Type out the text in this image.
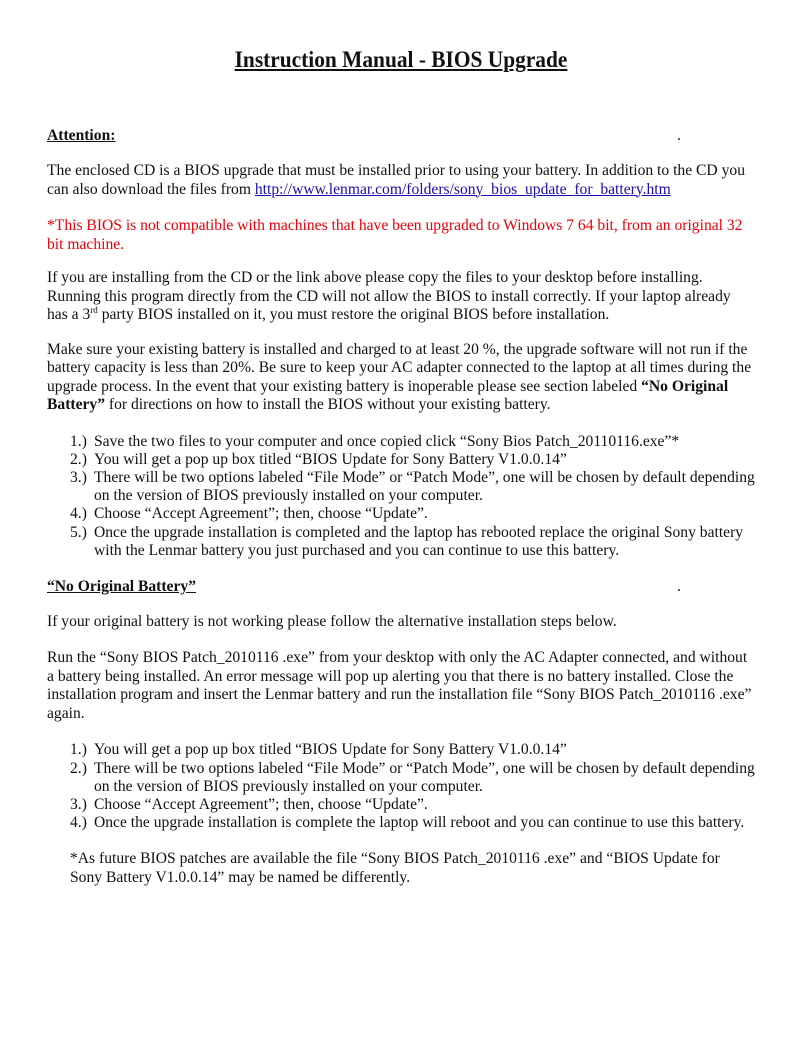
Instruction Manual - BIOS Upgrade
Attention:	.

The enclosed CD is a BIOS upgrade that must be installed prior to using your battery. In addition to the CD you can also download the files from http://www.lenmar.com/folders/sony_bios_update_for_battery.htm

*This BIOS is not compatible with machines that have been upgraded to Windows 7 64 bit, from an original 32 bit machine.

If you are installing from the CD or the link above please copy the files to your desktop before installing. Running this program directly from the CD will not allow the BIOS to install correctly. If your laptop already has a 3rd party BIOS installed on it, you must restore the original BIOS before installation.

Make sure your existing battery is installed and charged to at least 20 %, the upgrade software will not run if the battery capacity is less than 20%. Be sure to keep your AC adapter connected to the laptop at all times during the upgrade process. In the event that your existing battery is inoperable please see section labeled “No Original Battery” for directions on how to install the BIOS without your existing battery.

1.) Save the two files to your computer and once copied click “Sony Bios Patch_20110116.exe”*
2.) You will get a pop up box titled “BIOS Update for Sony Battery V1.0.0.14”
3.) There will be two options labeled “File Mode” or “Patch Mode”, one will be chosen by default depending on the version of BIOS previously installed on your computer.
4.) Choose “Accept Agreement”; then, choose “Update”.
5.) Once the upgrade installation is completed and the laptop has rebooted replace the original Sony battery with the Lenmar battery you just purchased and you can continue to use this battery.
“No Original Battery”	.

If your original battery is not working please follow the alternative installation steps below.

Run the “Sony BIOS Patch_2010116 .exe” from your desktop with only the AC Adapter connected, and without a battery being installed. An error message will pop up alerting you that there is no battery installed. Close the installation program and insert the Lenmar battery and run the installation file “Sony BIOS Patch_2010116 .exe” again.

1.) You will get a pop up box titled “BIOS Update for Sony Battery V1.0.0.14”
2.) There will be two options labeled “File Mode” or “Patch Mode”, one will be chosen by default depending on the version of BIOS previously installed on your computer.
3.) Choose “Accept Agreement”; then, choose “Update”.
4.) Once the upgrade installation is complete the laptop will reboot and you can continue to use this battery.

*As future BIOS patches are available the file “Sony BIOS Patch_2010116 .exe” and “BIOS Update for Sony Battery V1.0.0.14” may be named be differently.
